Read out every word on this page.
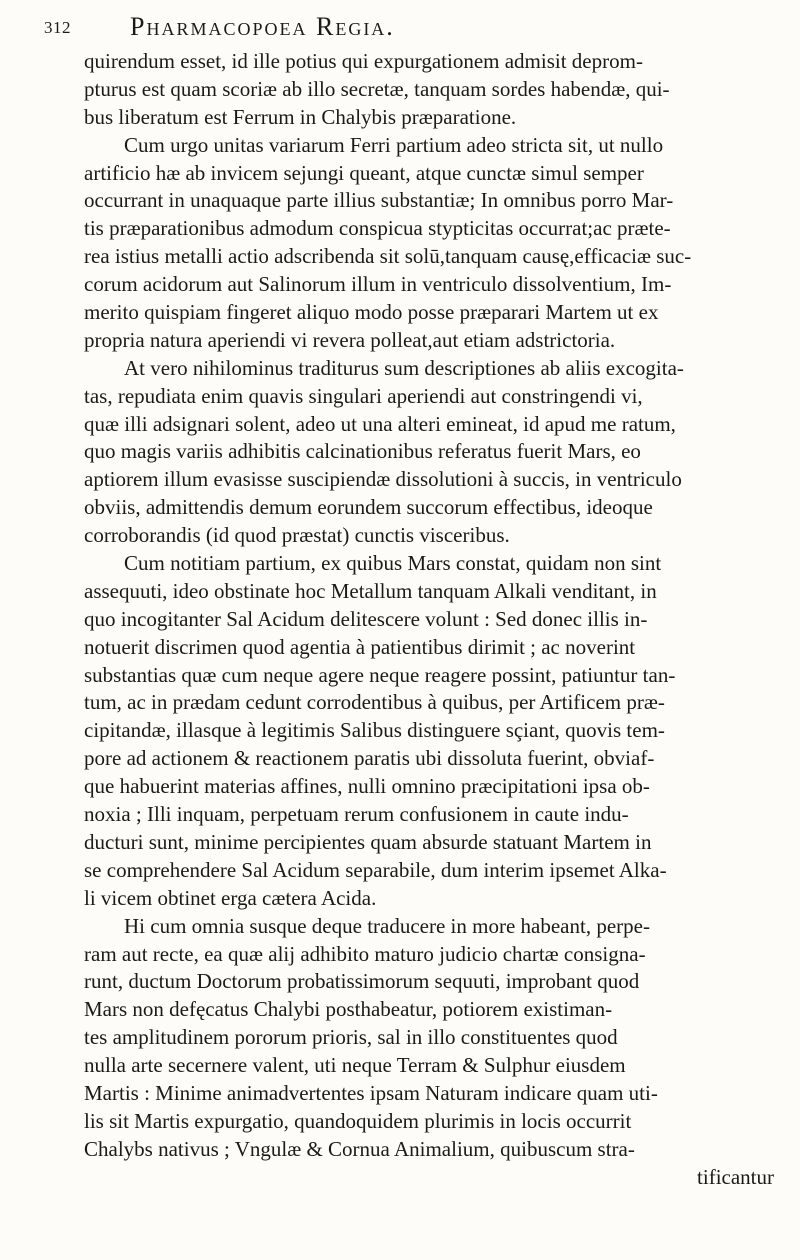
312 Pharmacopoea Regia.
quirendum esset, id ille potius qui expurgationem admisit deprom-
pturus est quam scoriæ ab illo secretæ, tanquam sordes habendæ, qui-
bus liberatum est Ferrum in Chalybis præparatione.
Cum urgo unitas variarum Ferri partium adeo stricta sit, ut nullo
artificio hæ ab invicem sejungi queant, atque cunctæ simul semper
occurrant in unaquaque parte illius substantiæ; In omnibus porro Mar-
tis præparationibus admodum conspicua stypticitas occurrat;ac præte-
rea istius metalli actio adscribenda sit solū,tanquam causę,efficaciæ suc-
corum acidorum aut Salinorum illum in ventriculo dissolventium, Im-
merito quispiam fingeret aliquo modo posse præparari Martem ut ex
propria natura aperiendi vi revera polleat,aut etiam adstrictoria.
At vero nihilominus traditurus sum descriptiones ab aliis excogita-
tas, repudiata enim quavis singulari aperiendi aut constringendi vi,
quæ illi adsignari solent, adeo ut una alteri emineat, id apud me ratum,
quo magis variis adhibitis calcinationibus referatus fuerit Mars, eo
aptiorem illum evasisse suscipiendæ dissolutioni à succis, in ventriculo
obviis, admittendis demum eorundem succorum effectibus, ideoque
corroborandis (id quod præstat) cunctis visceribus.
Cum notitiam partium, ex quibus Mars constat, quidam non sint
assequuti, ideo obstinate hoc Metallum tanquam Alkali venditant, in
quo incogitanter Sal Acidum delitescere volunt : Sed donec illis in-
notuerit discrimen quod agentia à patientibus dirimit ; ac noverint
substantias quæ cum neque agere neque reagere possint, patiuntur tan-
tum, ac in prædam cedunt corrodentibus à quibus, per Artificem præ-
cipitandæ, illasque à legitimis Salibus distinguere sçiant, quovis tem-
pore ad actionem & reactionem paratis ubi dissoluta fuerint, obviaf-
que habuerint materias affines, nulli omnino præcipitationi ipsa ob-
noxia ; Illi inquam, perpetuam rerum confusionem in caute indu-
ducturi sunt, minime percipientes quam absurde statuant Martem in
se comprehendere Sal Acidum separabile, dum interim ipsemet Alka-
li vicem obtinet erga cætera Acida.
Hi cum omnia susque deque traducere in more habeant, perpe-
ram aut recte, ea quæ alij adhibito maturo judicio chartæ consigna-
runt, ductum Doctorum probatissimorum sequuti, improbant quod
Mars non defęcatus Chalybi posthabeatur, potiorem existiman-
tes amplitudinem pororum prioris, sal in illo constituentes quod
nulla arte secernere valent, uti neque Terram & Sulphur eiusdem
Martis : Minime animadvertentes ipsam Naturam indicare quam uti-
lis sit Martis expurgatio, quandoquidem plurimis in locis occurrit
Chalybs nativus ; Vngulæ & Cornua Animalium, quibuscum stra-
tificantur
